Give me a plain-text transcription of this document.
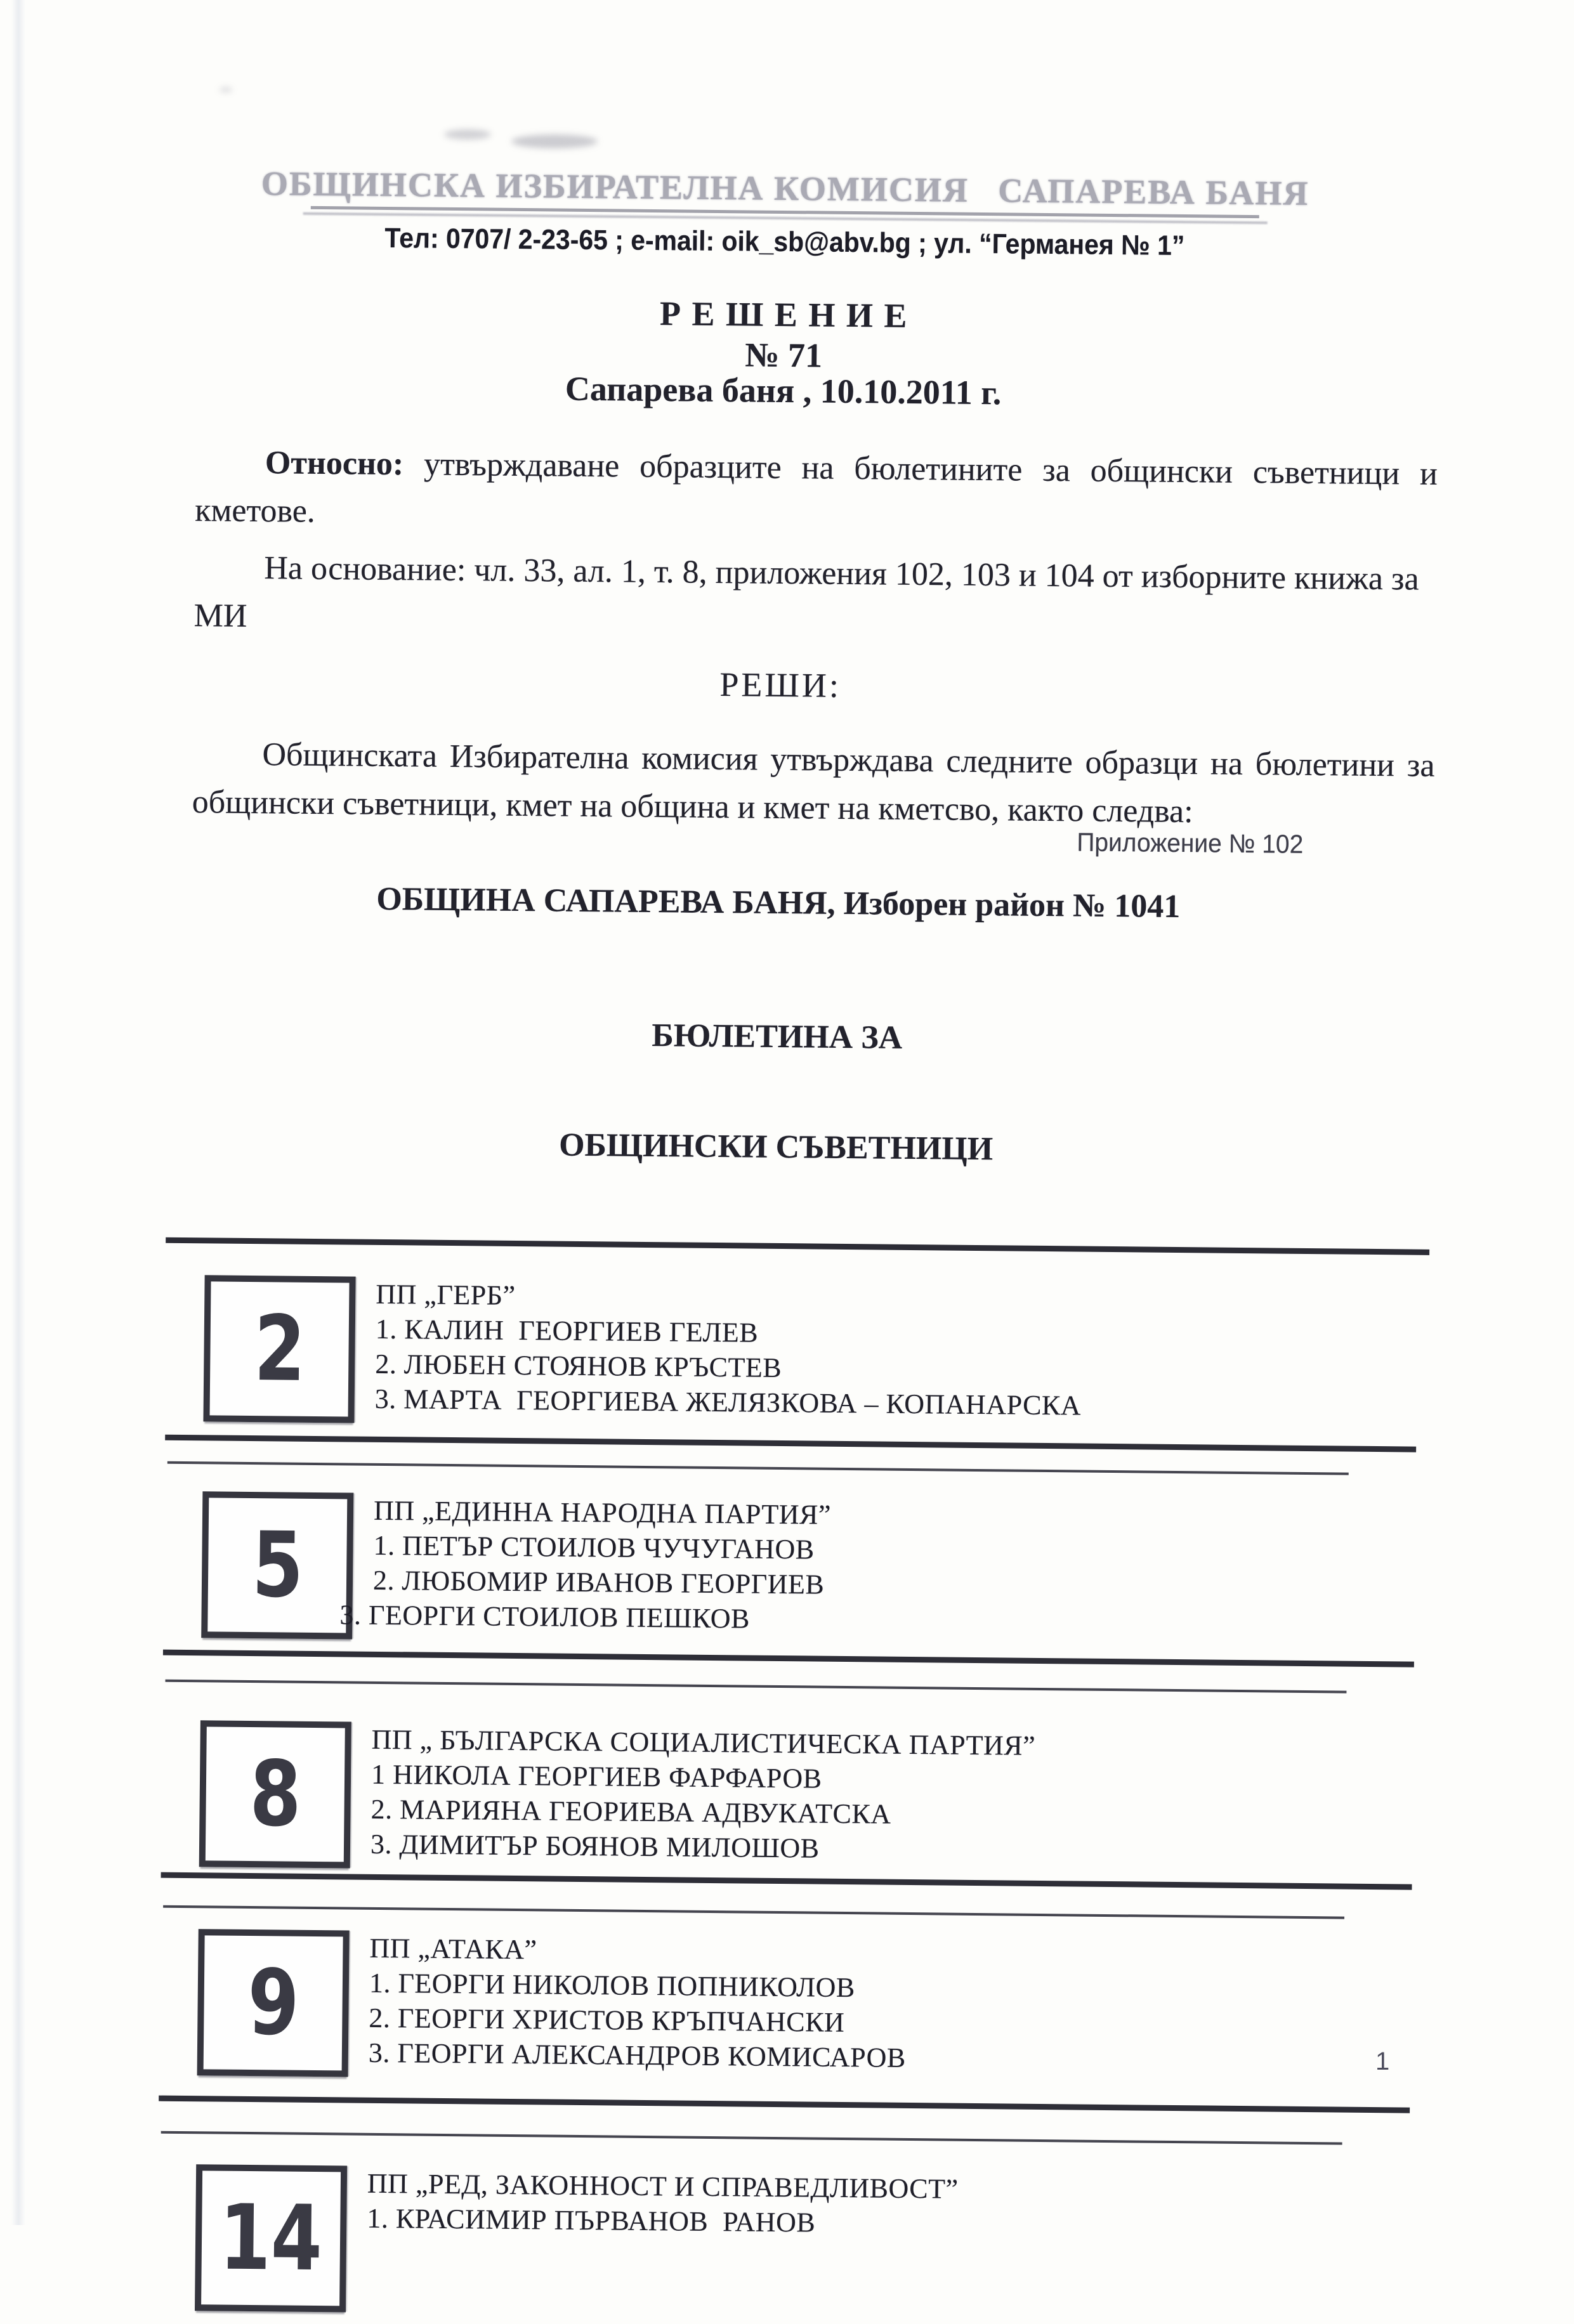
ОБЩИНСКА ИЗБИРАТЕЛНА КОМИСИЯ   САПАРЕВА БАНЯ
Тел: 0707/ 2-23-65 ; e-mail: oik_sb@abv.bg ; ул. “Германея № 1”
Р Е Ш Е Н И Е
№ 71
Сапарева баня , 10.10.2011 г.
Относно: утвърждаване образците на бюлетините за общински съветници и
кметове.
На основание: чл. 33, ал. 1, т. 8, приложения 102, 103 и 104 от изборните книжа за
МИ
РЕШИ:
Общинската Избирателна комисия утвърждава следните образци на бюлетини за
общински съветници, кмет на община и кмет на кметсво, както следва:
Приложение № 102
ОБЩИНА САПАРЕВА БАНЯ, Изборен район № 1041

БЮЛЕТИНА ЗА

ОБЩИНСКИ СЪВЕТНИЦИ

2
ПП „ГЕРБ”
1. КАЛИН  ГЕОРГИЕВ ГЕЛЕВ
2. ЛЮБЕН СТОЯНОВ КРЪСТЕВ
3. МАРТА  ГЕОРГИЕВА ЖЕЛЯЗКОВА – КОПАНАРСКА
5	ПП „ЕДИННА НАРОДНА ПАРТИЯ”
1. ПЕТЪР СТОИЛОВ ЧУЧУГАНОВ
2. ЛЮБОМИР ИВАНОВ ГЕОРГИЕВ
3. ГЕОРГИ СТОИЛОВ ПЕШКОВ
8	ПП „ БЪЛГАРСКА СОЦИАЛИСТИЧЕСКА ПАРТИЯ”
1 НИКОЛА ГЕОРГИЕВ ФАРФАРОВ
2. МАРИЯНА ГЕОРИЕВА АДВУКАТСКА
3. ДИМИТЪР БОЯНОВ МИЛОШОВ
9
ПП „АТАКА”
1. ГЕОРГИ НИКОЛОВ ПОПНИКОЛОВ
2. ГЕОРГИ ХРИСТОВ КРЪПЧАНСКИ
3. ГЕОРГИ АЛЕКСАНДРОВ КОМИСАРОВ
14 ПП „РЕД, ЗАКОННОСТ И СПРАВЕДЛИВОСТ”
1. КРАСИМИР ПЪРВАНОВ  РАНОВ
1
